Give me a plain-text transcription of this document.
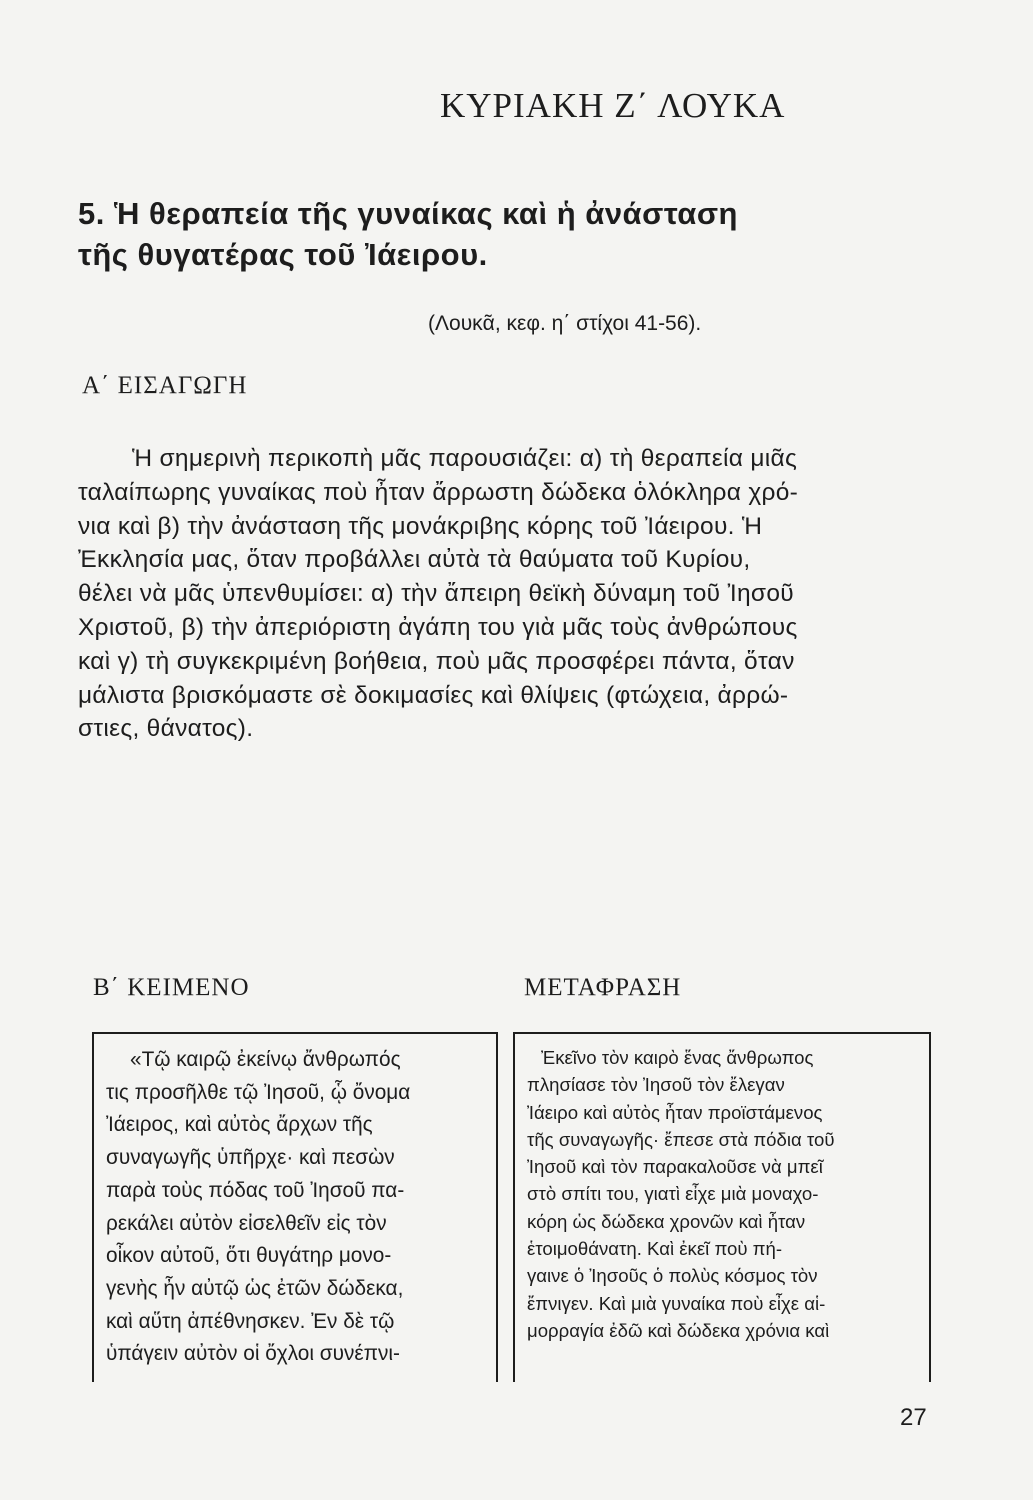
ΚΥΡΙΑΚΗ Ζ΄ ΛΟΥΚΑ
5. Ἡ θεραπεία τῆς γυναίκας καὶ ἡ ἀνάσταση
τῆς θυγατέρας τοῦ Ἰάειρου.
(Λουκᾶ, κεφ. η΄ στίχοι 41-56).
Α΄ ΕΙΣΑΓΩΓΗ
Ἡ σημερινὴ περικοπὴ μᾶς παρουσιάζει: α) τὴ θεραπεία μιᾶς
ταλαίπωρης γυναίκας ποὺ ἦταν ἄρρωστη δώδεκα ὁλόκληρα χρό-
νια καὶ β) τὴν ἀνάσταση τῆς μονάκριβης κόρης τοῦ Ἰάειρου. Ἡ
Ἐκκλησία μας, ὅταν προβάλλει αὐτὰ τὰ θαύματα τοῦ Κυρίου,
θέλει νὰ μᾶς ὑπενθυμίσει: α) τὴν ἄπειρη θεϊκὴ δύναμη τοῦ Ἰησοῦ
Χριστοῦ, β) τὴν ἀπεριόριστη ἀγάπη του γιὰ μᾶς τοὺς ἀνθρώπους
καὶ γ) τὴ συγκεκριμένη βοήθεια, ποὺ μᾶς προσφέρει πάντα, ὅταν
μάλιστα βρισκόμαστε σὲ δοκιμασίες καὶ θλίψεις (φτώχεια, ἀρρώ-
στιες, θάνατος).
Β΄ ΚΕΙΜΕΝΟ	ΜΕΤΑΦΡΑΣΗ
«Τῷ καιρῷ ἐκείνῳ ἄνθρωπός
τις προσῆλθε τῷ Ἰησοῦ, ᾧ ὄνομα
Ἰάειρος, καὶ αὐτὸς ἄρχων τῆς
συναγωγῆς ὑπῆρχε· καὶ πεσὼν
παρὰ τοὺς πόδας τοῦ Ἰησοῦ πα-
ρεκάλει αὐτὸν εἰσελθεῖν εἰς τὸν
οἶκον αὐτοῦ, ὅτι θυγάτηρ μονο-
γενὴς ἦν αὐτῷ ὡς ἐτῶν δώδεκα,
καὶ αὕτη ἀπέθνησκεν. Ἐν δὲ τῷ
ὑπάγειν αὐτὸν οἱ ὄχλοι συνέπνι-
Ἐκεῖνο τὸν καιρὸ ἕνας ἄνθρωπος
πλησίασε τὸν Ἰησοῦ τὸν ἔλεγαν
Ἰάειρο καὶ αὐτὸς ἦταν προϊστάμενος
τῆς συναγωγῆς· ἔπεσε στὰ πόδια τοῦ
Ἰησοῦ καὶ τὸν παρακαλοῦσε νὰ μπεῖ
στὸ σπίτι του, γιατὶ εἶχε μιὰ μοναχο-
κόρη ὡς δώδεκα χρονῶν καὶ ἦταν
ἑτοιμοθάνατη. Καὶ ἐκεῖ ποὺ πή-
γαινε ὁ Ἰησοῦς ὁ πολὺς κόσμος τὸν
ἔπνιγεν. Καὶ μιὰ γυναίκα ποὺ εἶχε αἱ-
μορραγία ἐδῶ καὶ δώδεκα χρόνια καὶ
27
